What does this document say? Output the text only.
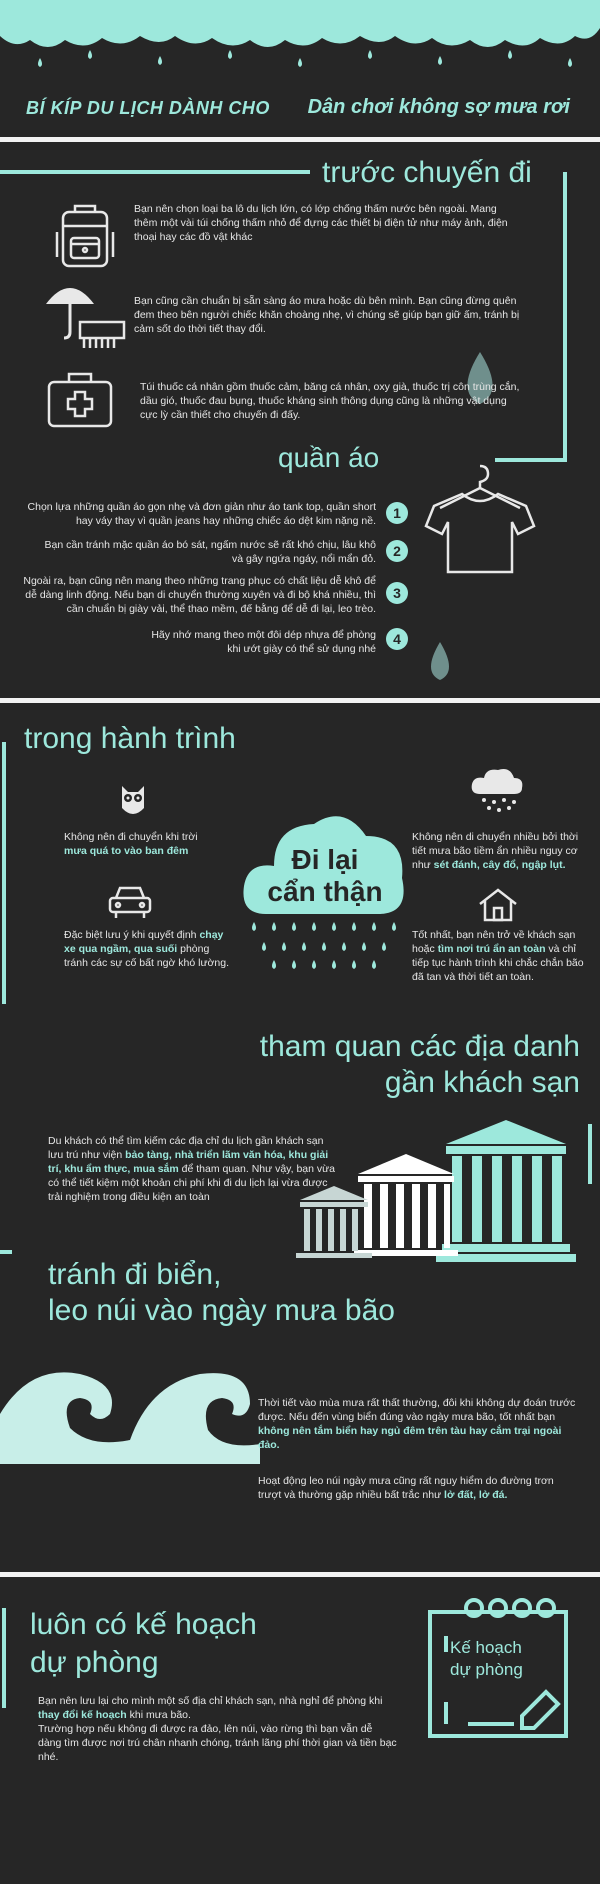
BÍ KÍP DU LỊCH DÀNH CHO Dân chơi không sợ mưa rơi
trước chuyến đi
Bạn nên chọn loại ba lô du lịch lớn, có lớp chống thấm nước bên ngoài. Mang thêm một vài túi chống thấm nhỏ để đựng các thiết bị điện tử như máy ảnh, điện thoại hay các đồ vật khác
Bạn cũng cần chuẩn bị sẵn sàng áo mưa hoặc dù bên mình. Bạn cũng đừng quên đem theo bên người chiếc khăn choàng nhẹ, vì chúng sẽ giúp bạn giữ ấm, tránh bị cảm sốt do thời tiết thay đổi.
Túi thuốc cá nhân gồm thuốc cảm, băng cá nhân, oxy già, thuốc trị côn trùng cắn, dầu gió, thuốc đau bụng, thuốc kháng sinh thông dụng cũng là những vật dụng cực lỳ cần thiết cho chuyến đi đấy.
quần áo
Chọn lựa những quần áo gọn nhẹ và đơn giản như áo tank top, quần short hay váy thay vì quần jeans hay những chiếc áo dệt kim nặng nề.	1
Bạn cần tránh mặc quần áo bó sát, ngấm nước sẽ rất khó chịu, lâu khô và gây ngứa ngáy, nổi mẩn đỏ.	2
Ngoài ra, bạn cũng nên mang theo những trang phục có chất liệu dễ khô để dễ dàng linh động. Nếu bạn di chuyển thường xuyên và đi bộ khá nhiều, thì cần chuẩn bị giày vải, thể thao mềm, đế bằng để dễ đi lại, leo trèo.
3
Hãy nhớ mang theo một đôi dép nhựa để phòng khi ướt giày có thể sử dụng nhé
4
trong hành trình
Không nên đi chuyển khi trời
mưa quá to vào ban đêm
Đặc biệt lưu ý khi quyết định chạy xe qua ngầm, qua suối phòng tránh các sự cố bất ngờ khó lường.
Đi lại
cẩn thận
Không nên di chuyển nhiều bởi thời tiết mưa bão tiềm ẩn nhiều nguy cơ như sét đánh, cây đổ, ngập lụt.
Tốt nhất, bạn nên trở về khách sạn hoặc tìm nơi trú ẩn an toàn và chỉ tiếp tục hành trình khi chắc chắn bão đã tan và thời tiết an toàn.
tham quan các địa danh
gần khách sạn
Du khách có thể tìm kiếm các địa chỉ du lịch gần khách sạn lưu trú như viện bảo tàng, nhà triển lãm văn hóa, khu giải trí, khu ẩm thực, mua sắm để tham quan. Như vậy, bạn vừa có thể tiết kiệm một khoản chi phí khi đi du lịch lại vừa được trải nghiệm trong điều kiện an toàn
tránh đi biển,
leo núi vào ngày mưa bão
Thời tiết vào mùa mưa rất thất thường, đôi khi không dự đoán trước được. Nếu đến vùng biển đúng vào ngày mưa bão, tốt nhất bạn không nên tắm biển hay ngủ đêm trên tàu hay cắm trại ngoài đảo.
Hoạt động leo núi ngày mưa cũng rất nguy hiểm do đường trơn trượt và thường gặp nhiều bất trắc như lở đất, lở đá.
luôn có kế hoạch
dự phòng	Kế hoạch
dự phòng
Bạn nên lưu lại cho mình một số địa chỉ khách sạn, nhà nghỉ để phòng khi thay đổi kế hoạch khi mưa bão.
Trường hợp nếu không đi được ra đảo, lên núi, vào rừng thì bạn vẫn dễ dàng tìm được nơi trú chân nhanh chóng, tránh lãng phí thời gian và tiền bạc nhé.
